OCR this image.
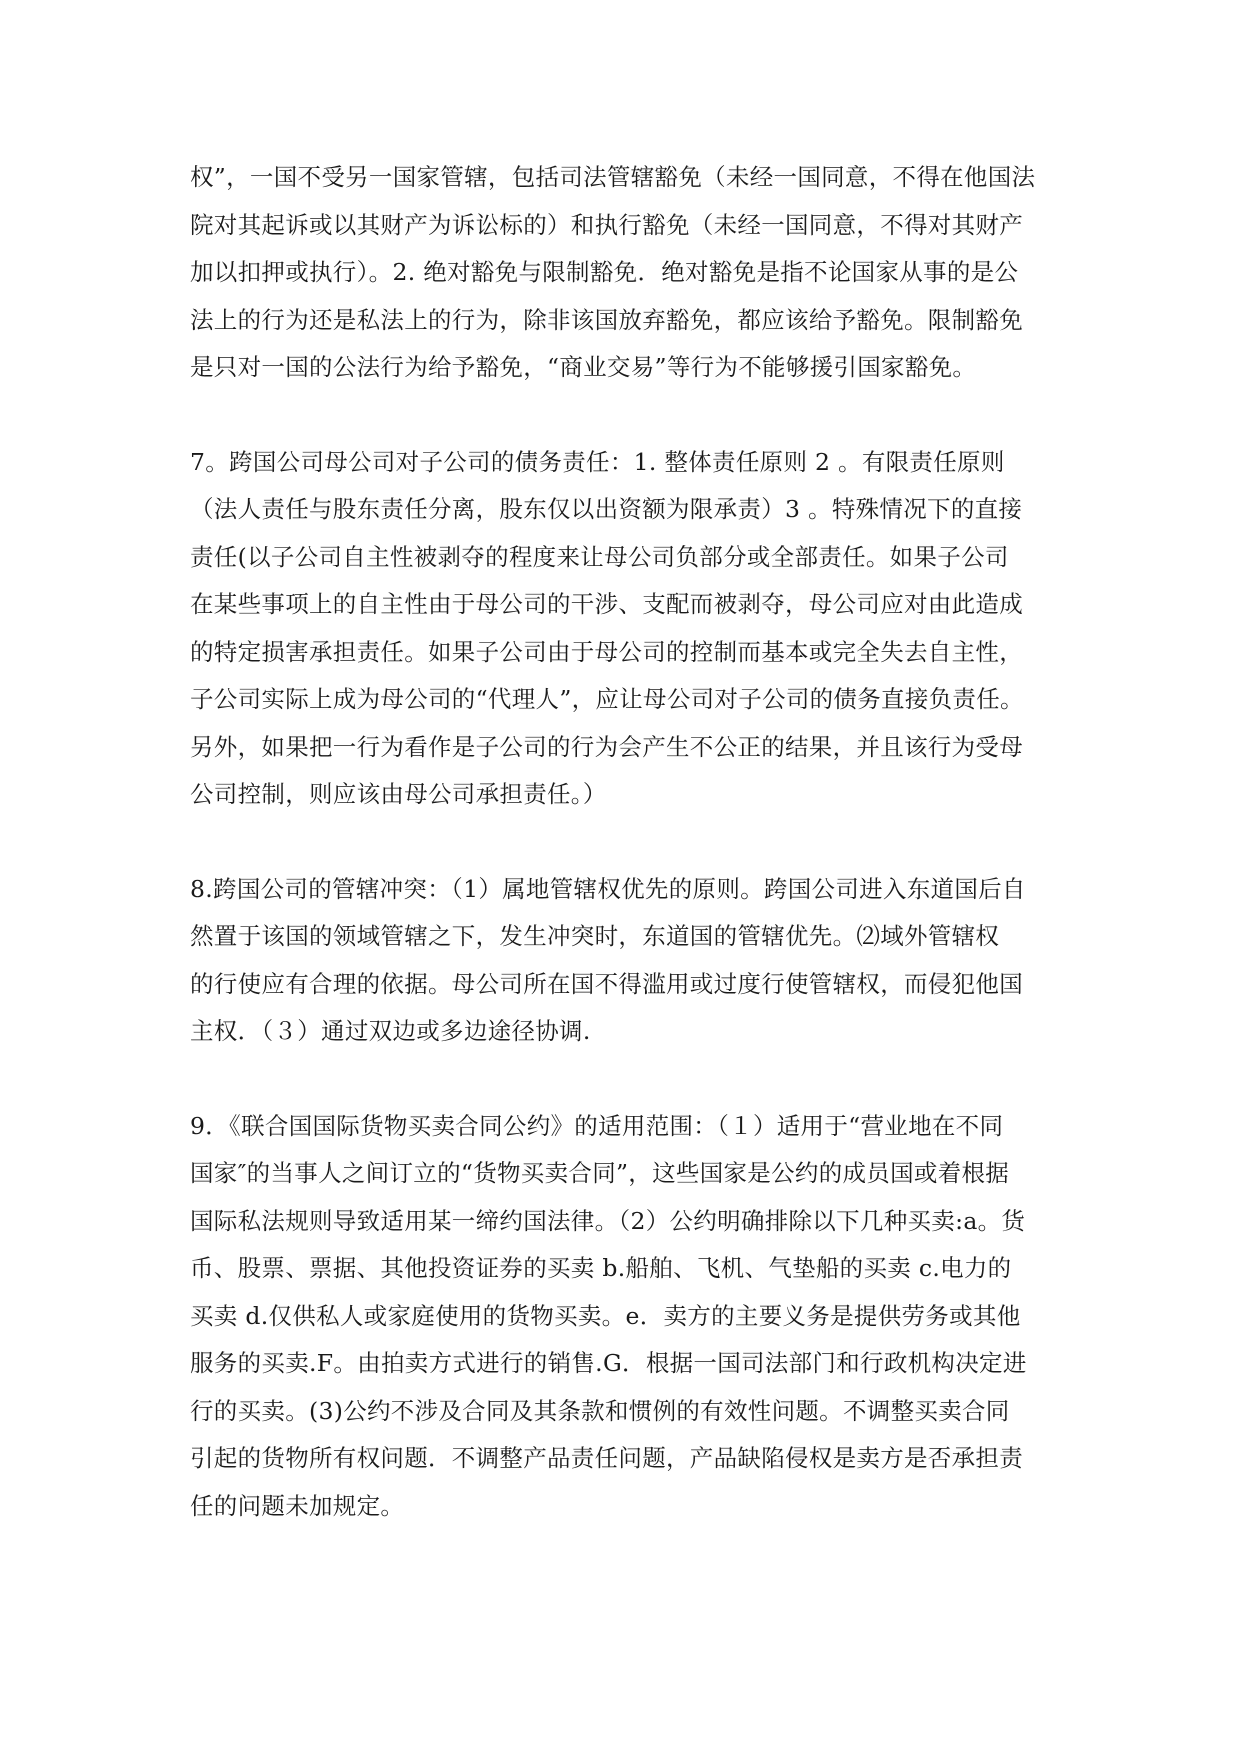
权”，一国不受另一国家管辖，包括司法管辖豁免（未经一国同意，不得在他国法
院对其起诉或以其财产为诉讼标的）和执行豁免（未经一国同意，不得对其财产
加以扣押或执行）。2. 绝对豁免与限制豁免．绝对豁免是指不论国家从事的是公
法上的行为还是私法上的行为，除非该国放弃豁免，都应该给予豁免。限制豁免
是只对一国的公法行为给予豁免，“商业交易”等行为不能够援引国家豁免。
7。跨国公司母公司对子公司的债务责任：1. 整体责任原则 2 。有限责任原则
（法人责任与股东责任分离，股东仅以出资额为限承责）3 。特殊情况下的直接
责任(以子公司自主性被剥夺的程度来让母公司负部分或全部责任。如果子公司
在某些事项上的自主性由于母公司的干涉、支配而被剥夺，母公司应对由此造成
的特定损害承担责任。如果子公司由于母公司的控制而基本或完全失去自主性，
子公司实际上成为母公司的“代理人”，应让母公司对子公司的债务直接负责任。
另外，如果把一行为看作是子公司的行为会产生不公正的结果，并且该行为受母
公司控制，则应该由母公司承担责任。）
8.跨国公司的管辖冲突：（1）属地管辖权优先的原则。跨国公司进入东道国后自
然置于该国的领域管辖之下，发生冲突时，东道国的管辖优先。⑵域外管辖权
的行使应有合理的依据。母公司所在国不得滥用或过度行使管辖权，而侵犯他国
主权．（３）通过双边或多边途径协调.
9．《联合国国际货物买卖合同公约》的适用范围：（１）适用于“营业地在不同
国家″的当事人之间订立的“货物买卖合同”，这些国家是公约的成员国或着根据
国际私法规则导致适用某一缔约国法律。（2）公约明确排除以下几种买卖:a。货
币、股票、票据、其他投资证券的买卖 b.船舶、飞机、气垫船的买卖 c.电力的
买卖 d.仅供私人或家庭使用的货物买卖。e．卖方的主要义务是提供劳务或其他
服务的买卖.F。由拍卖方式进行的销售.G．根据一国司法部门和行政机构决定进
行的买卖。(3)公约不涉及合同及其条款和惯例的有效性问题。不调整买卖合同
引起的货物所有权问题．不调整产品责任问题，产品缺陷侵权是卖方是否承担责
任的问题未加规定。
